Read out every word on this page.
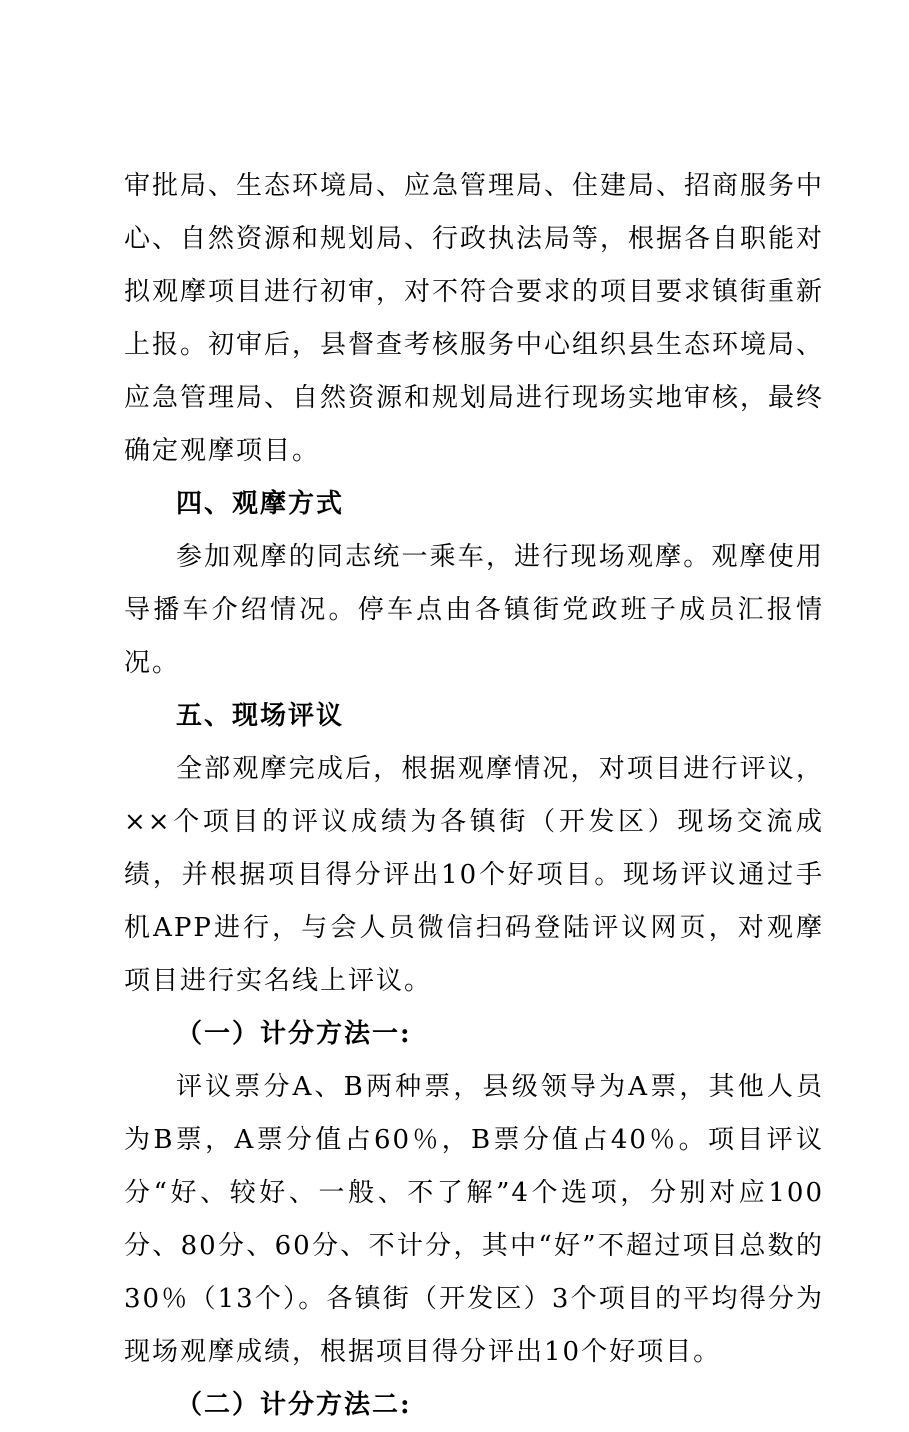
审批局、生态环境局、应急管理局、住建局、招商服务中心、自然资源和规划局、行政执法局等，根据各自职能对拟观摩项目进行初审，对不符合要求的项目要求镇街重新上报。初审后，县督查考核服务中心组织县生态环境局、应急管理局、自然资源和规划局进行现场实地审核，最终确定观摩项目。

四、观摩方式

参加观摩的同志统一乘车，进行现场观摩。观摩使用导播车介绍情况。停车点由各镇街党政班子成员汇报情况。

五、现场评议

全部观摩完成后，根据观摩情况，对项目进行评议，××个项目的评议成绩为各镇街（开发区）现场交流成绩，并根据项目得分评出10个好项目。现场评议通过手机APP进行，与会人员微信扫码登陆评议网页，对观摩项目进行实名线上评议。

（一）计分方法一:

评议票分A、B两种票，县级领导为A票，其他人员为B票，A票分值占60％，B票分值占40％。项目评议分“好、较好、一般、不了解”4个选项，分别对应100分、80分、60分、不计分，其中“好”不超过项目总数的30％（13个）。各镇街（开发区）3个项目的平均得分为现场观摩成绩，根据项目得分评出10个好项目。

（二）计分方法二:
